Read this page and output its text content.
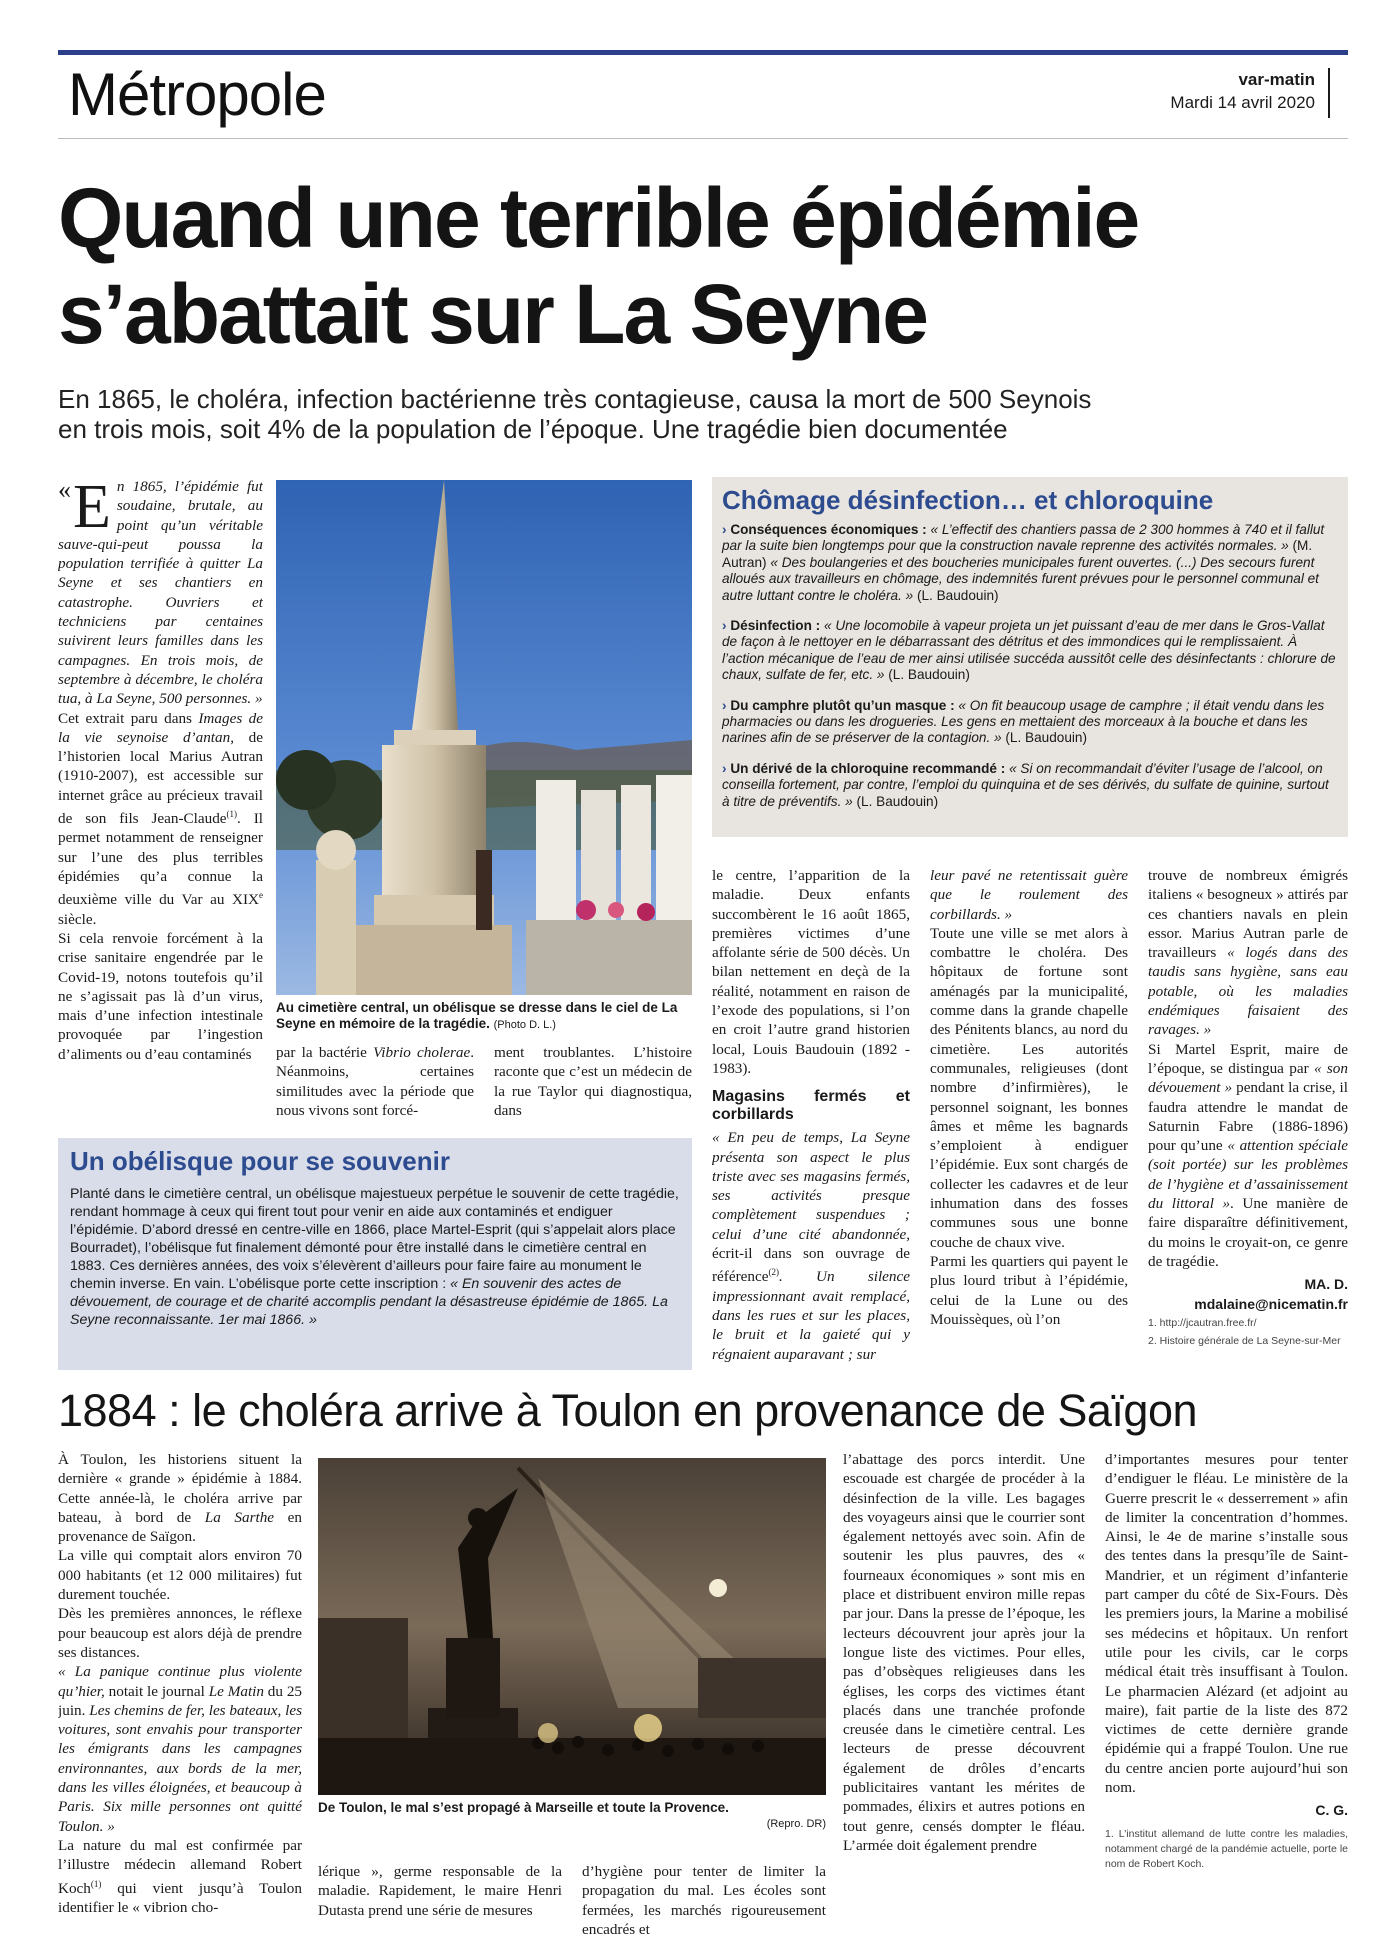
Métropole	var-matin
Mardi 14 avril 2020
Quand une terrible épidémie
s’abattait sur La Seyne
En 1865, le choléra, infection bactérienne très contagieuse, causa la mort de 500 Seynois
en trois mois, soit 4% de la population de l’époque. Une tragédie bien documentée

« E n 1865, l’épidémie fut soudaine, brutale, au point qu’un véritable sauve-qui-peut poussa la population terrifiée à quitter La Seyne et ses chantiers en catastrophe. Ouvriers et techniciens par centaines suivirent leurs familles dans les campagnes. En trois mois, de septembre à décembre, le choléra tua, à La Seyne, 500 personnes. »

Cet extrait paru dans Images de la vie seynoise d’antan, de l’historien local Marius Autran (1910-2007), est accessible sur internet grâce au précieux travail de son fils Jean-Claude$^{(1)}$. Il permet notamment de renseigner sur l’une des plus terribles épidémies qu’a connue la deuxième ville du Var au XIXe siècle.

Si cela renvoie forcément à la crise sanitaire engendrée par le Covid-19, notons toutefois qu’il ne s’agissait pas là d’un virus, mais d’une infection intestinale provoquée par l’ingestion d’aliments ou d’eau contaminés

Au cimetière central, un obélisque se dresse dans le ciel de La Seyne en mémoire de la tragédie. (Photo D. L.)

par la bactérie Vibrio cholerae. Néanmoins, certaines similitudes avec la période que nous vivons sont forcé-

ment troublantes. L’histoire raconte que c’est un médecin de la rue Taylor qui diagnostiqua, dans

Chômage désinfection… et chloroquine
› Conséquences économiques : « L’effectif des chantiers passa de 2 300 hommes à 740 et il fallut par la suite bien longtemps pour que la construction navale reprenne des activités normales. » (M. Autran) « Des boulangeries et des boucheries municipales furent ouvertes. (...) Des secours furent alloués aux travailleurs en chômage, des indemnités furent prévues pour le personnel communal et autre luttant contre le choléra. » (L. Baudouin)
› Désinfection : « Une locomobile à vapeur projeta un jet puissant d’eau de mer dans le Gros-Vallat de façon à le nettoyer en le débarrassant des détritus et des immondices qui le remplissaient. À l’action mécanique de l’eau de mer ainsi utilisée succéda aussitôt celle des désinfectants : chlorure de chaux, sulfate de fer, etc. » (L. Baudouin)
› Du camphre plutôt qu’un masque : « On fit beaucoup usage de camphre ; il était vendu dans les pharmacies ou dans les drogueries. Les gens en mettaient des morceaux à la bouche et dans les narines afin de se préserver de la contagion. » (L. Baudouin)
› Un dérivé de la chloroquine recommandé : « Si on recommandait d’éviter l’usage de l’alcool, on conseilla fortement, par contre, l’emploi du quinquina et de ses dérivés, du sulfate de quinine, surtout à titre de préventifs. » (L. Baudouin)

le centre, l’apparition de la maladie. Deux enfants succombèrent le 16 août 1865, premières victimes d’une affolante série de 500 décès. Un bilan nettement en deçà de la réalité, notamment en raison de l’exode des populations, si l’on en croit l’autre grand historien local, Louis Baudouin (1892 - 1983).

Magasins fermés et corbillards

« En peu de temps, La Seyne présenta son aspect le plus triste avec ses magasins fermés, ses activités presque complètement suspendues ; celui d’une cité abandonnée, écrit-il dans son ouvrage de référence$^{(2)}$. Un silence impressionnant avait remplacé, dans les rues et sur les places, le bruit et la gaieté qui y régnaient auparavant ; sur

leur pavé ne retentissait guère que le roulement des corbillards. »

Toute une ville se met alors à combattre le choléra. Des hôpitaux de fortune sont aménagés par la municipalité, comme dans la grande chapelle des Pénitents blancs, au nord du cimetière. Les autorités communales, religieuses (dont nombre d’infirmières), le personnel soignant, les bonnes âmes et même les bagnards s’emploient à endiguer l’épidémie. Eux sont chargés de collecter les cadavres et de leur inhumation dans des fosses communes sous une bonne couche de chaux vive.

Parmi les quartiers qui payent le plus lourd tribut à l’épidémie, celui de la Lune ou des Mouissèques, où l’on

trouve de nombreux émigrés italiens « besogneux » attirés par ces chantiers navals en plein essor. Marius Autran parle de travailleurs « logés dans des taudis sans hygiène, sans eau potable, où les maladies endémiques faisaient des ravages. »

Si Martel Esprit, maire de l’époque, se distingua par « son dévouement » pendant la crise, il faudra attendre le mandat de Saturnin Fabre (1886-1896) pour qu’une « attention spéciale (soit portée) sur les problèmes de l’hygiène et d’assainissement du littoral ». Une manière de faire disparaître définitivement, du moins le croyait-on, ce genre de tragédie.

MA. D.

mdalaine@nicematin.fr

1. http://jcautran.free.fr/

2. Histoire générale de La Seyne-sur-Mer

Un obélisque pour se souvenir
Planté dans le cimetière central, un obélisque majestueux perpétue le souvenir de cette tragédie, rendant hommage à ceux qui firent tout pour venir en aide aux contaminés et endiguer l’épidémie. D’abord dressé en centre-ville en 1866, place Martel-Esprit (qui s’appelait alors place Bourradet), l’obélisque fut finalement démonté pour être installé dans le cimetière central en 1883. Ces dernières années, des voix s’élevèrent d’ailleurs pour faire faire au monument le chemin inverse. En vain. L’obélisque porte cette inscription : « En souvenir des actes de dévouement, de courage et de charité accomplis pendant la désastreuse épidémie de 1865. La Seyne reconnaissante. 1er mai 1866. »
1884 : le choléra arrive à Toulon en provenance de Saïgon

À Toulon, les historiens situent la dernière « grande » épidémie à 1884. Cette année-là, le choléra arrive par bateau, à bord de La Sarthe en provenance de Saïgon.

La ville qui comptait alors environ 70 000 habitants (et 12 000 militaires) fut durement touchée.

Dès les premières annonces, le réflexe pour beaucoup est alors déjà de prendre ses distances.

« La panique continue plus violente qu’hier, notait le journal Le Matin du 25 juin. Les chemins de fer, les bateaux, les voitures, sont envahis pour transporter les émigrants dans les campagnes environnantes, aux bords de la mer, dans les villes éloignées, et beaucoup à Paris. Six mille personnes ont quitté Toulon. »

La nature du mal est confirmée par l’illustre médecin allemand Robert Koch$^{(1)}$ qui vient jusqu’à Toulon identifier le « vibrion cho-

De Toulon, le mal s’est propagé à Marseille et toute la Provence.
(Repro. DR)
lérique », germe responsable de la maladie. Rapidement, le maire Henri Dutasta prend une série de mesures
d’hygiène pour tenter de limiter la propagation du mal. Les écoles sont fermées, les marchés rigoureusement encadrés et
l’abattage des porcs interdit. Une escouade est chargée de procéder à la désinfection de la ville. Les bagages des voyageurs ainsi que le courrier sont également nettoyés avec soin. Afin de soutenir les plus pauvres, des « fourneaux économiques » sont mis en place et distribuent environ mille repas par jour. Dans la presse de l’époque, les lecteurs découvrent jour après jour la longue liste des victimes. Pour elles, pas d’obsèques religieuses dans les églises, les corps des victimes étant placés dans une tranchée profonde creusée dans le cimetière central. Les lecteurs de presse découvrent également de drôles d’encarts publicitaires vantant les mérites de pommades, élixirs et autres potions en tout genre, censés dompter le fléau. L’armée doit également prendre

d’importantes mesures pour tenter d’endiguer le fléau. Le ministère de la Guerre prescrit le « desserrement » afin de limiter la concentration d’hommes. Ainsi, le 4e de marine s’installe sous des tentes dans la presqu’île de Saint-Mandrier, et un régiment d’infanterie part camper du côté de Six-Fours. Dès les premiers jours, la Marine a mobilisé ses médecins et hôpitaux. Un renfort utile pour les civils, car le corps médical était très insuffisant à Toulon. Le pharmacien Alézard (et adjoint au maire), fait partie de la liste des 872 victimes de cette dernière grande épidémie qui a frappé Toulon. Une rue du centre ancien porte aujourd’hui son nom.

C. G.

1. L’institut allemand de lutte contre les maladies, notamment chargé de la pandémie actuelle, porte le nom de Robert Koch.
